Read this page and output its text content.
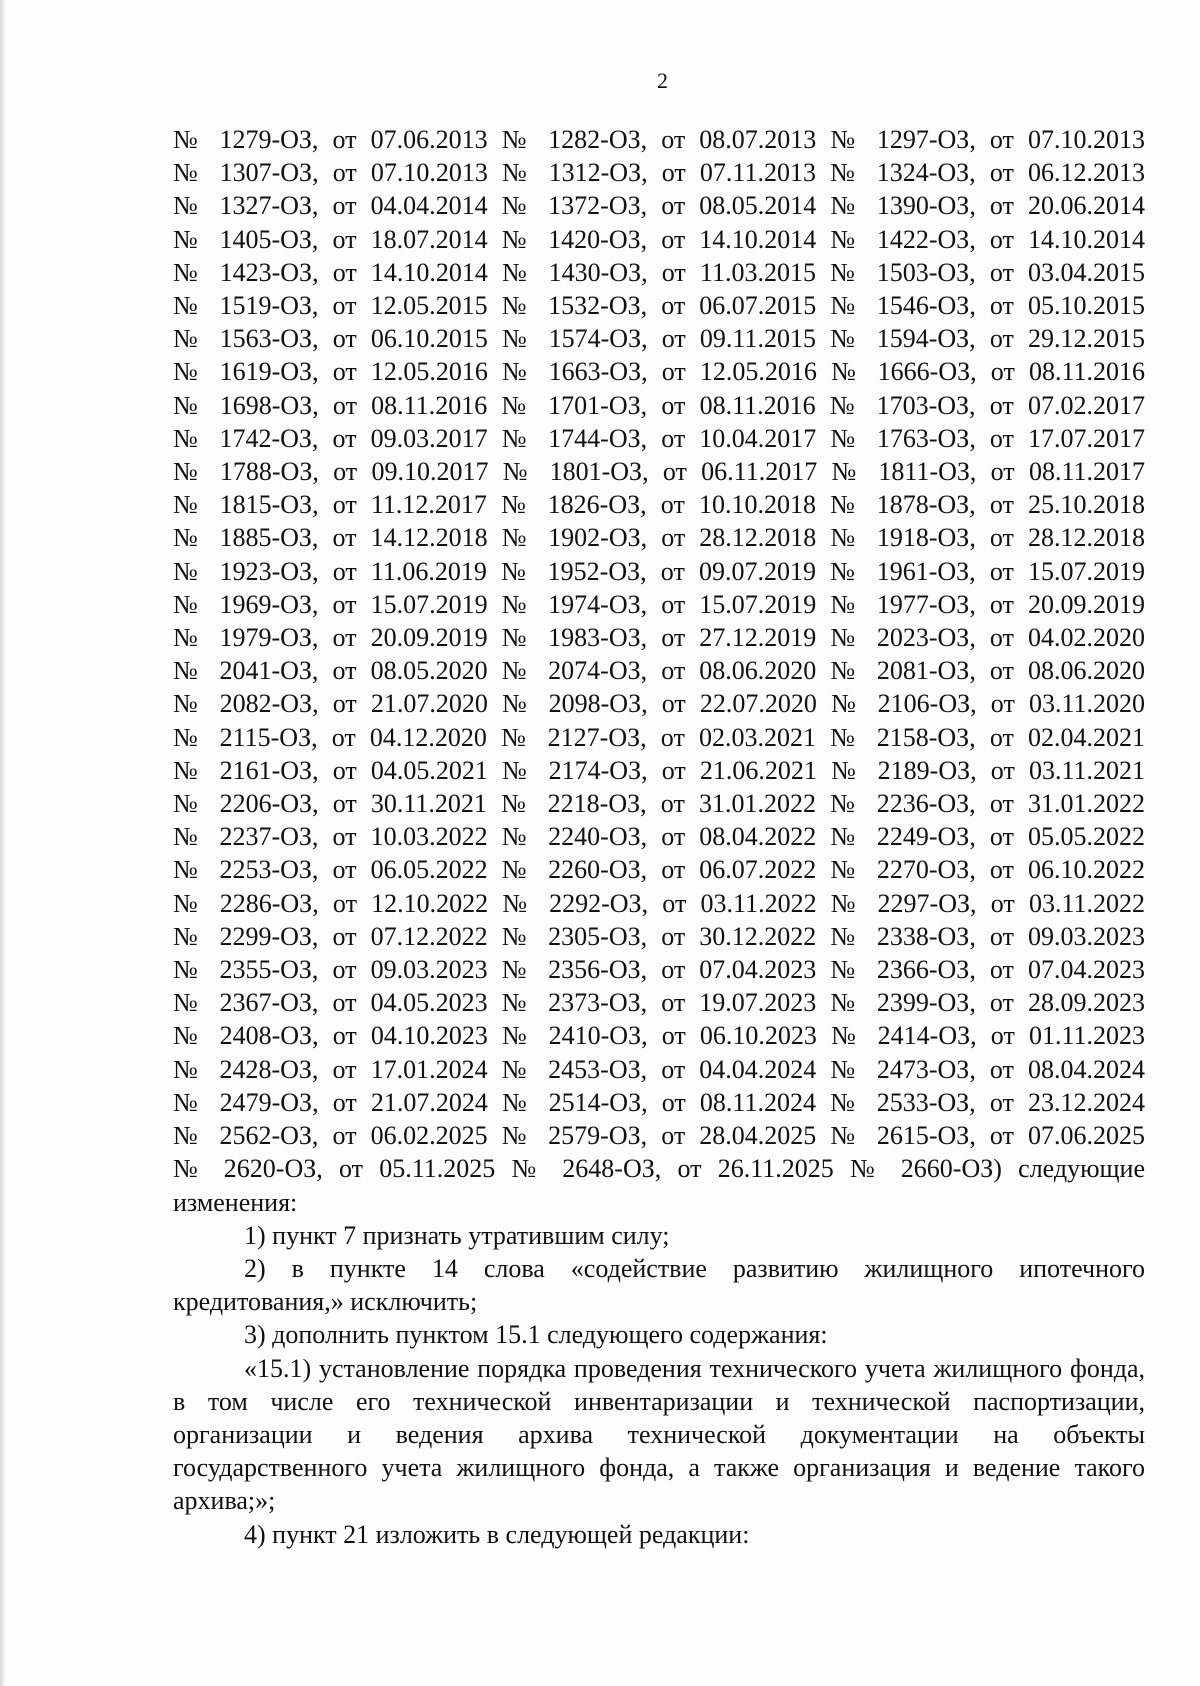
2
№ 1279-ОЗ, от 07.06.2013 № 1282-ОЗ, от 08.07.2013 № 1297-ОЗ, от 07.10.2013
№ 1307-ОЗ, от 07.10.2013 № 1312-ОЗ, от 07.11.2013 № 1324-ОЗ, от 06.12.2013
№ 1327-ОЗ, от 04.04.2014 № 1372-ОЗ, от 08.05.2014 № 1390-ОЗ, от 20.06.2014
№ 1405-ОЗ, от 18.07.2014 № 1420-ОЗ, от 14.10.2014 № 1422-ОЗ, от 14.10.2014
№ 1423-ОЗ, от 14.10.2014 № 1430-ОЗ, от 11.03.2015 № 1503-ОЗ, от 03.04.2015
№ 1519-ОЗ, от 12.05.2015 № 1532-ОЗ, от 06.07.2015 № 1546-ОЗ, от 05.10.2015
№ 1563-ОЗ, от 06.10.2015 № 1574-ОЗ, от 09.11.2015 № 1594-ОЗ, от 29.12.2015
№ 1619-ОЗ, от 12.05.2016 № 1663-ОЗ, от 12.05.2016 № 1666-ОЗ, от 08.11.2016
№ 1698-ОЗ, от 08.11.2016 № 1701-ОЗ, от 08.11.2016 № 1703-ОЗ, от 07.02.2017
№ 1742-ОЗ, от 09.03.2017 № 1744-ОЗ, от 10.04.2017 № 1763-ОЗ, от 17.07.2017
№ 1788-ОЗ, от 09.10.2017 № 1801-ОЗ, от 06.11.2017 № 1811-ОЗ, от 08.11.2017
№ 1815-ОЗ, от 11.12.2017 № 1826-ОЗ, от 10.10.2018 № 1878-ОЗ, от 25.10.2018
№ 1885-ОЗ, от 14.12.2018 № 1902-ОЗ, от 28.12.2018 № 1918-ОЗ, от 28.12.2018
№ 1923-ОЗ, от 11.06.2019 № 1952-ОЗ, от 09.07.2019 № 1961-ОЗ, от 15.07.2019
№ 1969-ОЗ, от 15.07.2019 № 1974-ОЗ, от 15.07.2019 № 1977-ОЗ, от 20.09.2019
№ 1979-ОЗ, от 20.09.2019 № 1983-ОЗ, от 27.12.2019 № 2023-ОЗ, от 04.02.2020
№ 2041-ОЗ, от 08.05.2020 № 2074-ОЗ, от 08.06.2020 № 2081-ОЗ, от 08.06.2020
№ 2082-ОЗ, от 21.07.2020 № 2098-ОЗ, от 22.07.2020 № 2106-ОЗ, от 03.11.2020
№ 2115-ОЗ, от 04.12.2020 № 2127-ОЗ, от 02.03.2021 № 2158-ОЗ, от 02.04.2021
№ 2161-ОЗ, от 04.05.2021 № 2174-ОЗ, от 21.06.2021 № 2189-ОЗ, от 03.11.2021
№ 2206-ОЗ, от 30.11.2021 № 2218-ОЗ, от 31.01.2022 № 2236-ОЗ, от 31.01.2022
№ 2237-ОЗ, от 10.03.2022 № 2240-ОЗ, от 08.04.2022 № 2249-ОЗ, от 05.05.2022
№ 2253-ОЗ, от 06.05.2022 № 2260-ОЗ, от 06.07.2022 № 2270-ОЗ, от 06.10.2022
№ 2286-ОЗ, от 12.10.2022 № 2292-ОЗ, от 03.11.2022 № 2297-ОЗ, от 03.11.2022
№ 2299-ОЗ, от 07.12.2022 № 2305-ОЗ, от 30.12.2022 № 2338-ОЗ, от 09.03.2023
№ 2355-ОЗ, от 09.03.2023 № 2356-ОЗ, от 07.04.2023 № 2366-ОЗ, от 07.04.2023
№ 2367-ОЗ, от 04.05.2023 № 2373-ОЗ, от 19.07.2023 № 2399-ОЗ, от 28.09.2023
№ 2408-ОЗ, от 04.10.2023 № 2410-ОЗ, от 06.10.2023 № 2414-ОЗ, от 01.11.2023
№ 2428-ОЗ, от 17.01.2024 № 2453-ОЗ, от 04.04.2024 № 2473-ОЗ, от 08.04.2024
№ 2479-ОЗ, от 21.07.2024 № 2514-ОЗ, от 08.11.2024 № 2533-ОЗ, от 23.12.2024
№ 2562-ОЗ, от 06.02.2025 № 2579-ОЗ, от 28.04.2025 № 2615-ОЗ, от 07.06.2025
№ 2620-ОЗ, от 05.11.2025 № 2648-ОЗ, от 26.11.2025 № 2660-ОЗ) следующие изменения:
1) пункт 7 признать утратившим силу;
2) в пункте 14 слова «содействие развитию жилищного ипотечного кредитования,» исключить;
3) дополнить пунктом 15.1 следующего содержания:
«15.1) установление порядка проведения технического учета жилищного фонда, в том числе его технической инвентаризации и технической паспортизации, организации и ведения архива технической документации на объекты государственного учета жилищного фонда, а также организация и ведение такого архива;»;
4) пункт 21 изложить в следующей редакции:
